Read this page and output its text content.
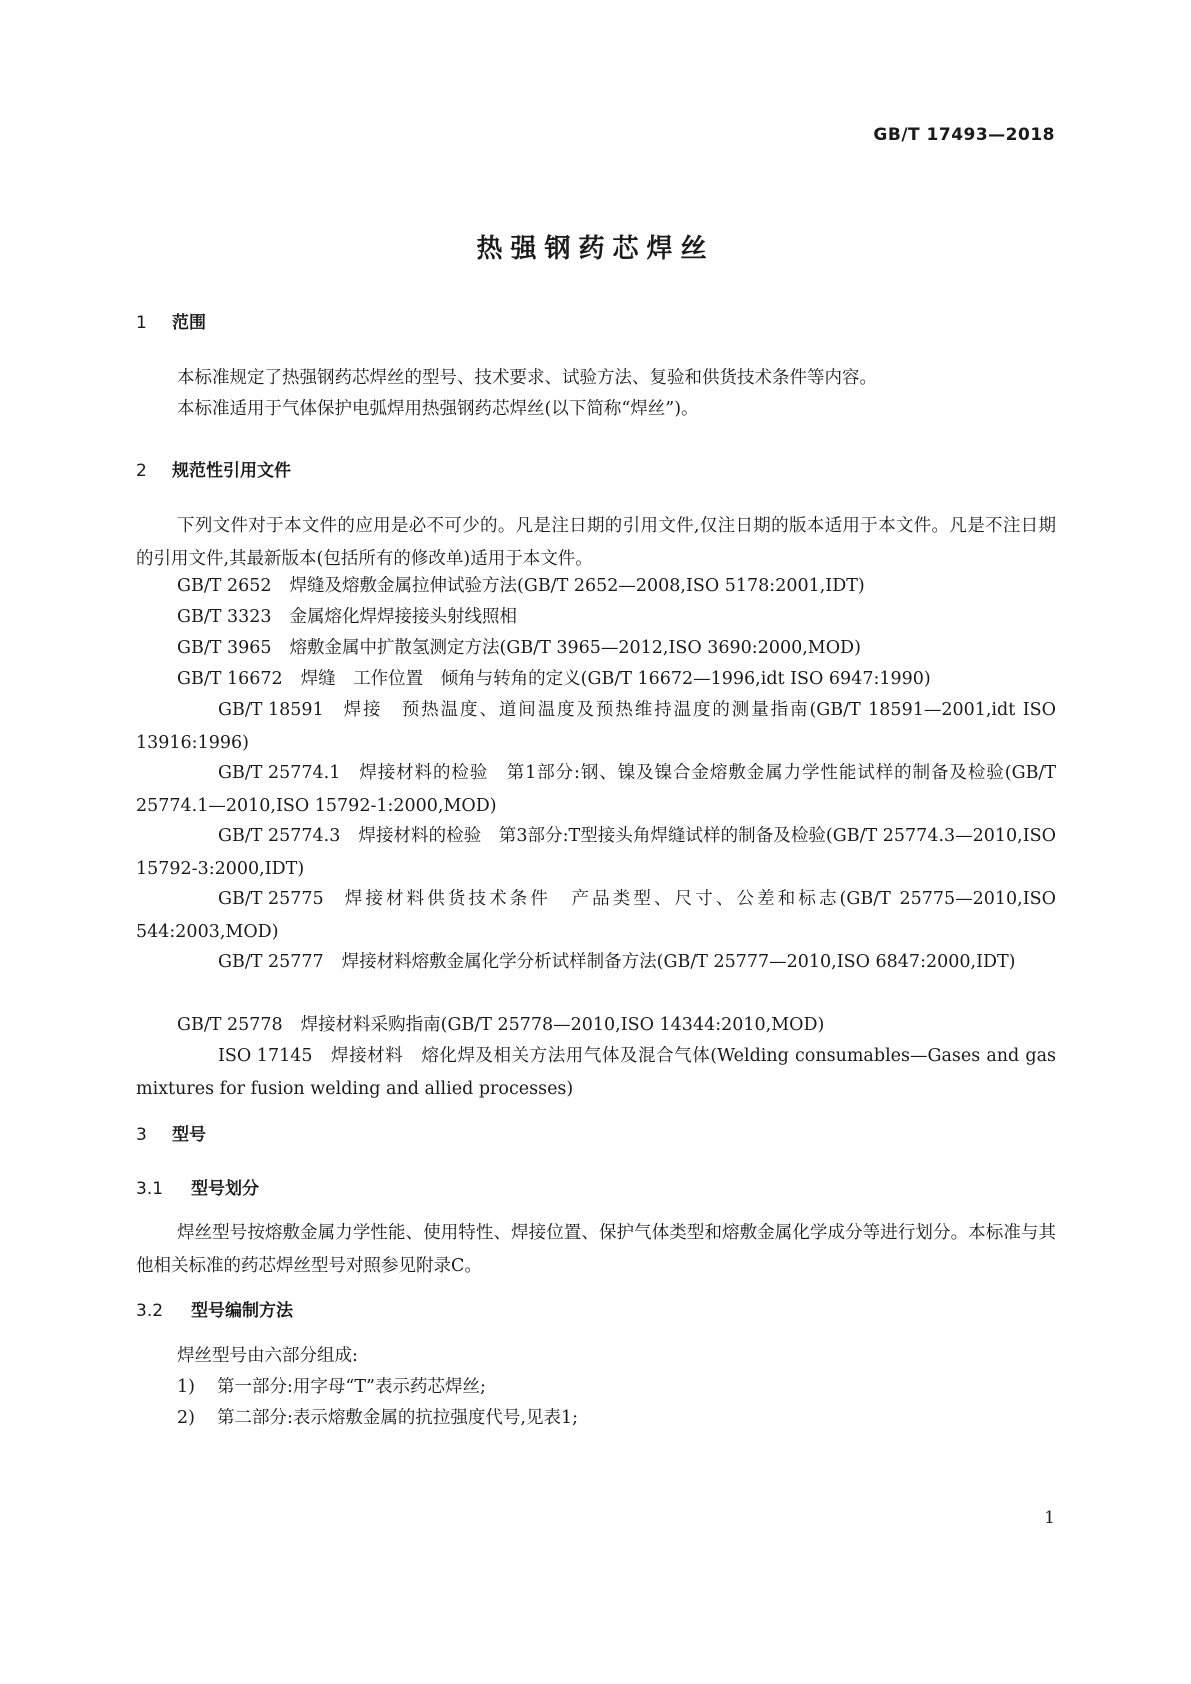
GB/T 17493—2018
热强钢药芯焊丝
1 范围
本标准规定了热强钢药芯焊丝的型号、技术要求、试验方法、复验和供货技术条件等内容。
本标准适用于气体保护电弧焊用热强钢药芯焊丝(以下简称“焊丝”)。
2 规范性引用文件
下列文件对于本文件的应用是必不可少的。凡是注日期的引用文件,仅注日期的版本适用于本文件。凡是不注日期的引用文件,其最新版本(包括所有的修改单)适用于本文件。
GB/T 2652 焊缝及熔敷金属拉伸试验方法(GB/T 2652—2008,ISO 5178:2001,IDT)
GB/T 3323 金属熔化焊焊接接头射线照相
GB/T 3965 熔敷金属中扩散氢测定方法(GB/T 3965—2012,ISO 3690:2000,MOD)
GB/T 16672 焊缝　工作位置　倾角与转角的定义(GB/T 16672—1996,idt ISO 6947:1990)
GB/T 18591 焊接　预热温度、道间温度及预热维持温度的测量指南(GB/T 18591—2001,idt ISO 13916:1996)
GB/T 25774.1 焊接材料的检验　第1部分:钢、镍及镍合金熔敷金属力学性能试样的制备及检验(GB/T 25774.1—2010,ISO 15792-1:2000,MOD)
GB/T 25774.3 焊接材料的检验　第3部分:T型接头角焊缝试样的制备及检验(GB/T 25774.3—2010,ISO 15792-3:2000,IDT)
GB/T 25775 焊接材料供货技术条件　产品类型、尺寸、公差和标志(GB/T 25775—2010,ISO 544:2003,MOD)
GB/T 25777 焊接材料熔敷金属化学分析试样制备方法(GB/T 25777—2010,ISO 6847:2000,IDT)
GB/T 25778 焊接材料采购指南(GB/T 25778—2010,ISO 14344:2010,MOD)
ISO 17145 焊接材料　熔化焊及相关方法用气体及混合气体(Welding consumables—Gases and gas mixtures for fusion welding and allied processes)
3 型号
3.1 型号划分
焊丝型号按熔敷金属力学性能、使用特性、焊接位置、保护气体类型和熔敷金属化学成分等进行划分。本标准与其他相关标准的药芯焊丝型号对照参见附录C。
3.2 型号编制方法
焊丝型号由六部分组成:
1) 第一部分:用字母“T”表示药芯焊丝;
2) 第二部分:表示熔敷金属的抗拉强度代号,见表1;
1
